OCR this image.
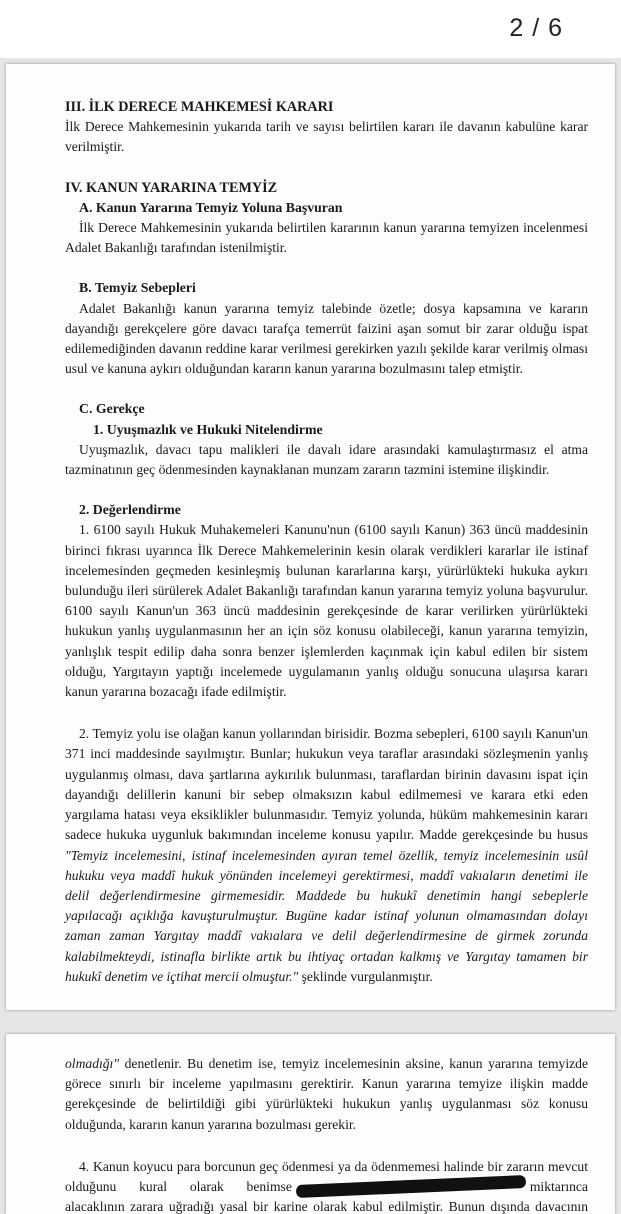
2 / 6
III. İLK DERECE MAHKEMESİ KARARI

İlk Derece Mahkemesinin yukarıda tarih ve sayısı belirtilen kararı ile davanın kabulüne karar verilmiştir.

IV. KANUN YARARINA TEMYİZ
A. Kanun Yararına Temyiz Yoluna Başvuran

İlk Derece Mahkemesinin yukarıda belirtilen kararının kanun yararına temyizen incelenmesi Adalet Bakanlığı tarafından istenilmiştir.

B. Temyiz Sebepleri

Adalet Bakanlığı kanun yararına temyiz talebinde özetle; dosya kapsamına ve kararın dayandığı gerekçelere göre davacı tarafça temerrüt faizini aşan somut bir zarar olduğu ispat edilemediğinden davanın reddine karar verilmesi gerekirken yazılı şekilde karar verilmiş olması usul ve kanuna aykırı olduğundan kararın kanun yararına bozulmasını talep etmiştir.

C. Gerekçe
1. Uyuşmazlık ve Hukuki Nitelendirme

Uyuşmazlık, davacı tapu malikleri ile davalı idare arasındaki kamulaştırmasız el atma tazminatının geç ödenmesinden kaynaklanan munzam zararın tazmini istemine ilişkindir.

2. Değerlendirme

1. 6100 sayılı Hukuk Muhakemeleri Kanunu'nun (6100 sayılı Kanun) 363 üncü maddesinin birinci fıkrası uyarınca İlk Derece Mahkemelerinin kesin olarak verdikleri kararlar ile istinaf incelemesinden geçmeden kesinleşmiş bulunan kararlarına karşı, yürürlükteki hukuka aykırı bulunduğu ileri sürülerek Adalet Bakanlığı tarafından kanun yararına temyiz yoluna başvurulur. 6100 sayılı Kanun'un 363 üncü maddesinin gerekçesinde de karar verilirken yürürlükteki hukukun yanlış uygulanmasının her an için söz konusu olabileceği, kanun yararına temyizin, yanlışlık tespit edilip daha sonra benzer işlemlerden kaçınmak için kabul edilen bir sistem olduğu, Yargıtayın yaptığı incelemede uygulamanın yanlış olduğu sonucuna ulaşırsa kararı kanun yararına bozacağı ifade edilmiştir.

2. Temyiz yolu ise olağan kanun yollarından birisidir. Bozma sebepleri, 6100 sayılı Kanun'un 371 inci maddesinde sayılmıştır. Bunlar; hukukun veya taraflar arasındaki sözleşmenin yanlış uygulanmış olması, dava şartlarına aykırılık bulunması, taraflardan birinin davasını ispat için dayandığı delillerin kanuni bir sebep olmaksızın kabul edilmemesi ve karara etki eden yargılama hatası veya eksiklikler bulunmasıdır. Temyiz yolunda, hüküm mahkemesinin kararı sadece hukuka uygunluk bakımından inceleme konusu yapılır. Madde gerekçesinde bu husus "Temyiz incelemesini, istinaf incelemesinden ayıran temel özellik, temyiz incelemesinin usûl hukuku veya maddî hukuk yönünden incelemeyi gerektirmesi, maddî vakıaların denetimi ile delil değerlendirmesine girmemesidir. Maddede bu hukukî denetimin hangi sebeplerle yapılacağı açıklığa kavuşturulmuştur. Bugüne kadar istinaf yolunun olmamasından dolayı zaman zaman Yargıtay maddî vakıalara ve delil değerlendirmesine de girmek zorunda kalabilmekteydi, istinafla birlikte artık bu ihtiyaç ortadan kalkmış ve Yargıtay tamamen bir hukukî denetim ve içtihat mercii olmuştur." şeklinde vurgulanmıştır.

olmadığı" denetlenir. Bu denetim ise, temyiz incelemesinin aksine, kanun yararına temyizde görece sınırlı bir inceleme yapılmasını gerektirir. Kanun yararına temyize ilişkin madde gerekçesinde de belirtildiği gibi yürürlükteki hukukun yanlış uygulanması söz konusu olduğunda, kararın kanun yararına bozulması gerekir.

4. Kanun koyucu para borcunun geç ödenmesi ya da ödenmemesi halinde bir zararın mevcut olduğunu kural olarak benimse	miktarınca alacaklının zarara uğradığı yasal bir karine olarak kabul edilmiştir. Bunun dışında davacının
